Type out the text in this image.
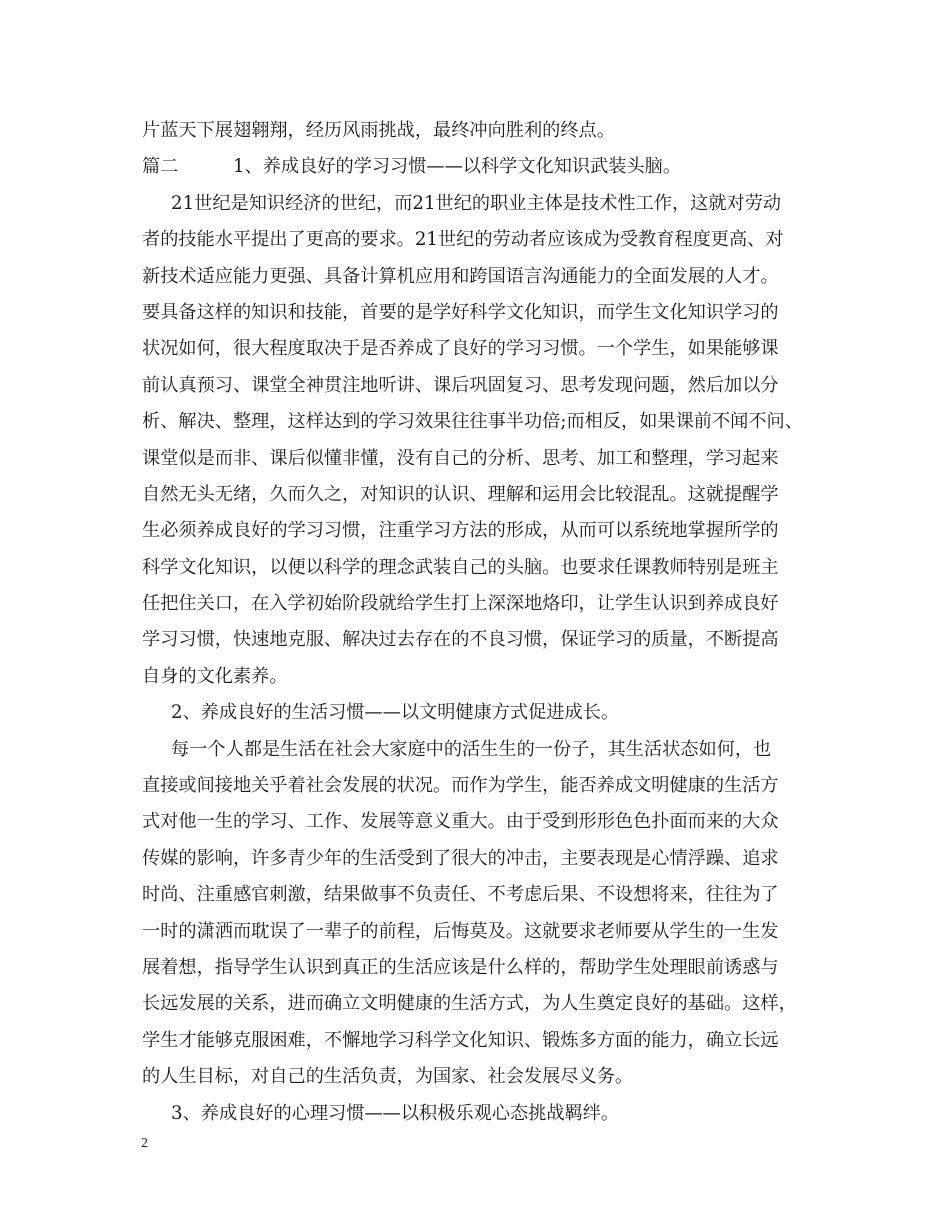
片蓝天下展翅翱翔，经历风雨挑战，最终冲向胜利的终点。
篇二　　　1、养成良好的学习习惯——以科学文化知识武装头脑。
21世纪是知识经济的世纪，而21世纪的职业主体是技术性工作，这就对劳动
者的技能水平提出了更高的要求。21世纪的劳动者应该成为受教育程度更高、对
新技术适应能力更强、具备计算机应用和跨国语言沟通能力的全面发展的人才。
要具备这样的知识和技能，首要的是学好科学文化知识，而学生文化知识学习的
状况如何，很大程度取决于是否养成了良好的学习习惯。一个学生，如果能够课
前认真预习、课堂全神贯注地听讲、课后巩固复习、思考发现问题，然后加以分
析、解决、整理，这样达到的学习效果往往事半功倍;而相反，如果课前不闻不问、
课堂似是而非、课后似懂非懂，没有自己的分析、思考、加工和整理，学习起来
自然无头无绪，久而久之，对知识的认识、理解和运用会比较混乱。这就提醒学
生必须养成良好的学习习惯，注重学习方法的形成，从而可以系统地掌握所学的
科学文化知识，以便以科学的理念武装自己的头脑。也要求任课教师特别是班主
任把住关口，在入学初始阶段就给学生打上深深地烙印，让学生认识到养成良好
学习习惯，快速地克服、解决过去存在的不良习惯，保证学习的质量，不断提高
自身的文化素养。
2、养成良好的生活习惯——以文明健康方式促进成长。
每一个人都是生活在社会大家庭中的活生生的一份子，其生活状态如何，也
直接或间接地关乎着社会发展的状况。而作为学生，能否养成文明健康的生活方
式对他一生的学习、工作、发展等意义重大。由于受到形形色色扑面而来的大众
传媒的影响，许多青少年的生活受到了很大的冲击，主要表现是心情浮躁、追求
时尚、注重感官刺激，结果做事不负责任、不考虑后果、不设想将来，往往为了
一时的潇洒而耽误了一辈子的前程，后悔莫及。这就要求老师要从学生的一生发
展着想，指导学生认识到真正的生活应该是什么样的，帮助学生处理眼前诱惑与
长远发展的关系，进而确立文明健康的生活方式，为人生奠定良好的基础。这样，
学生才能够克服困难，不懈地学习科学文化知识、锻炼多方面的能力，确立长远
的人生目标，对自己的生活负责，为国家、社会发展尽义务。
3、养成良好的心理习惯——以积极乐观心态挑战羁绊。
2
